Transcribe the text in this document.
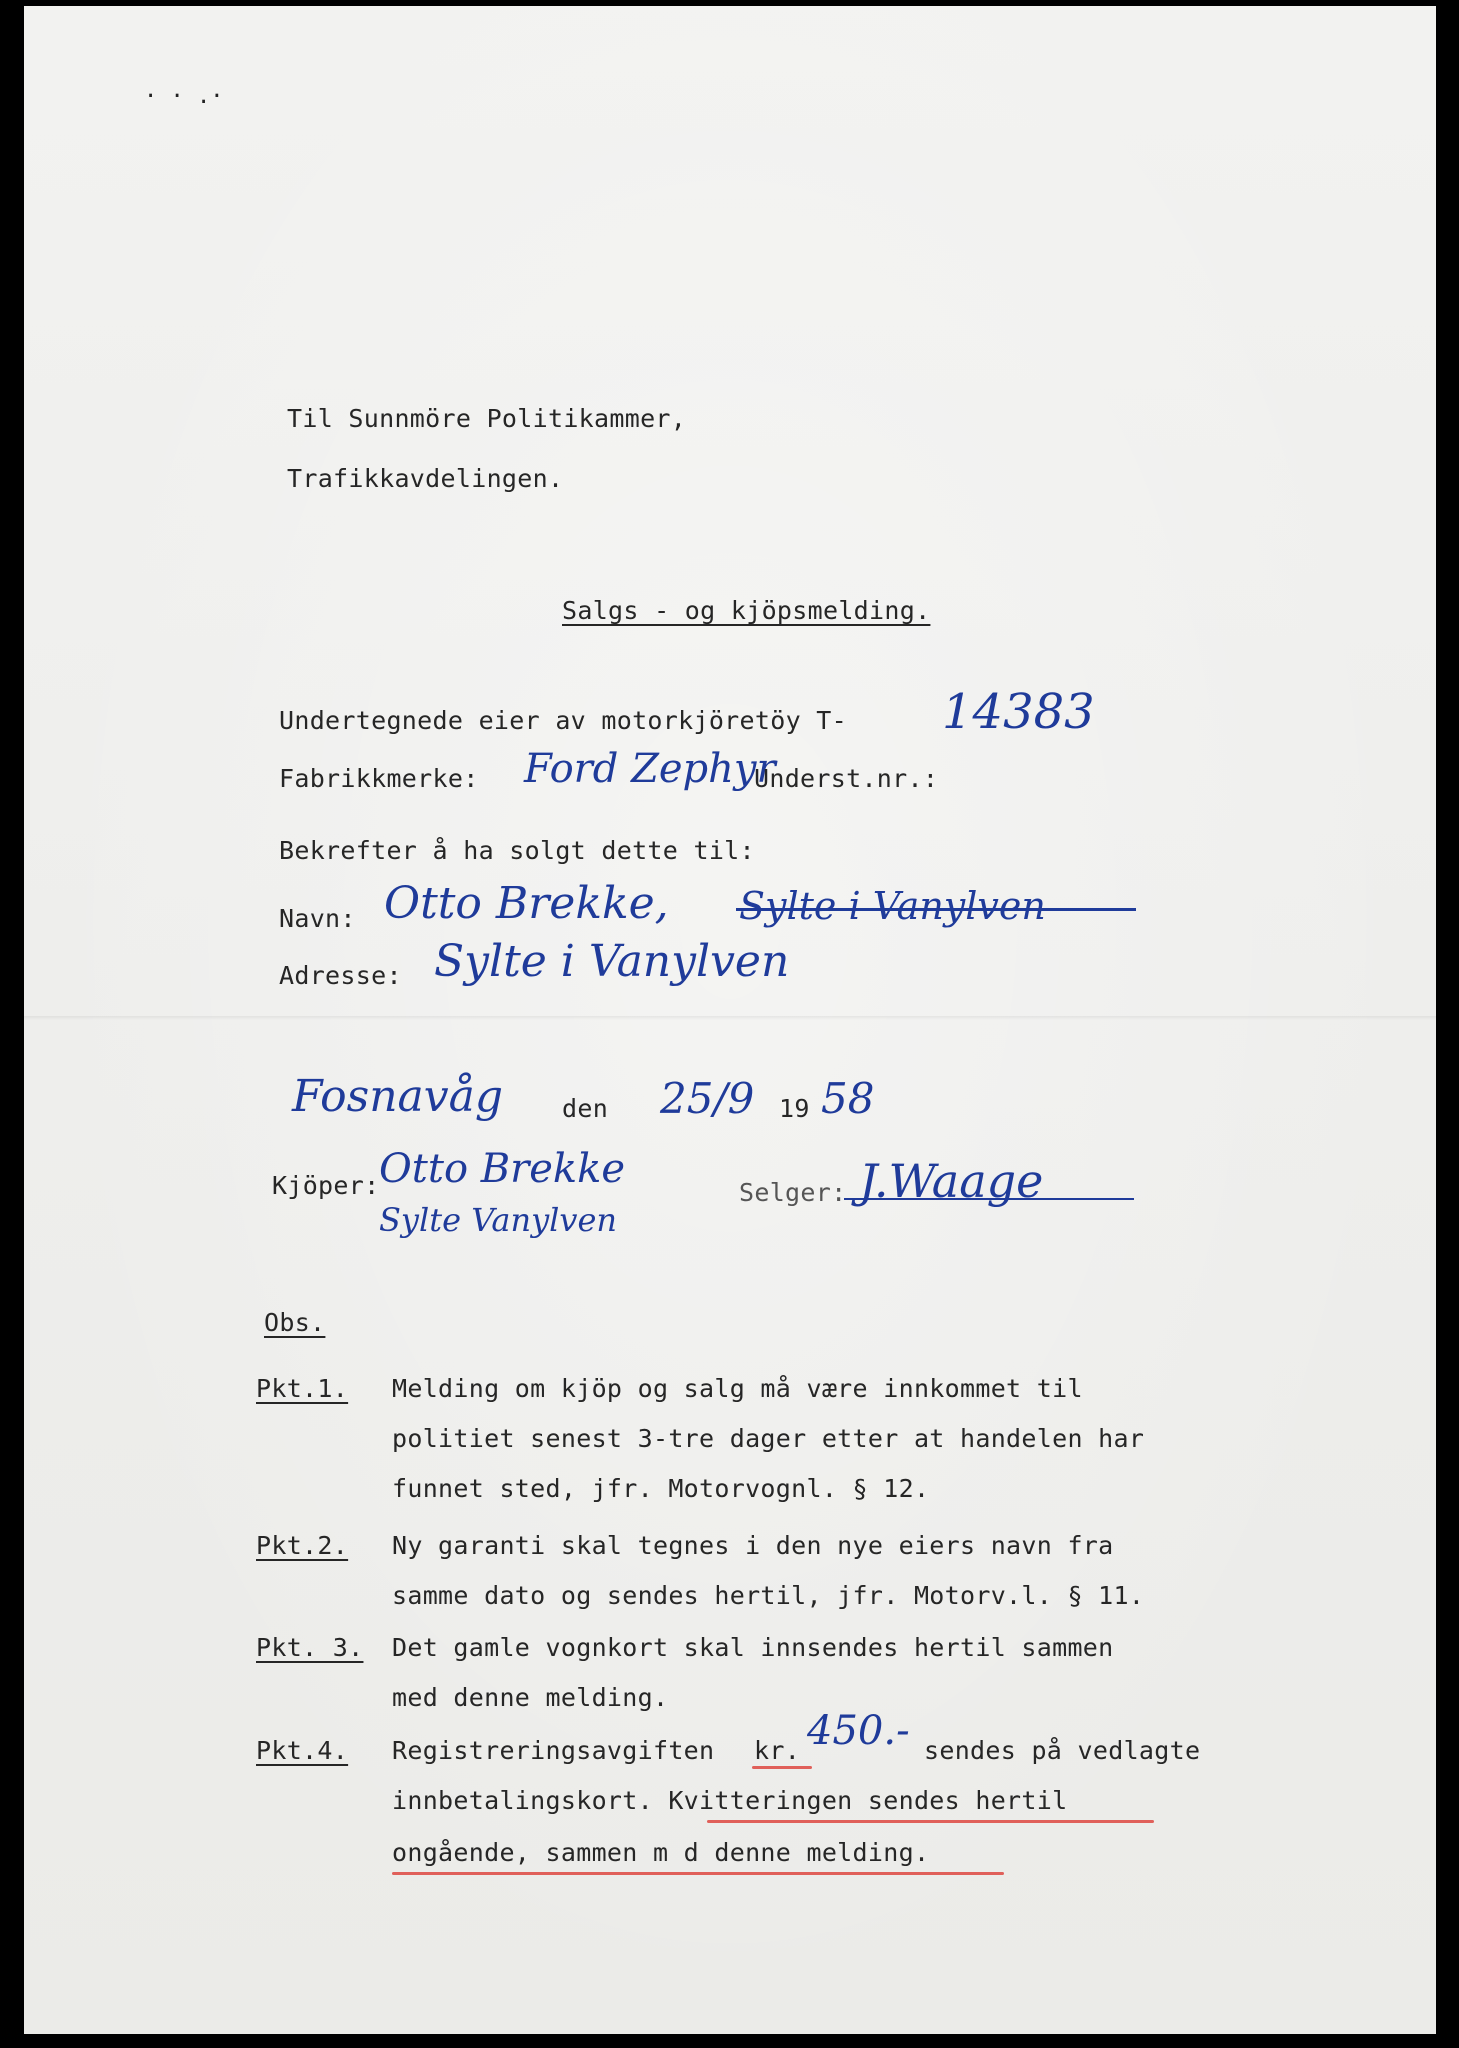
· · .·
Til Sunnmöre Politikammer,
Trafikkavdelingen.
Salgs - og kjöpsmelding.
Undertegnede eier av motorkjöretöy T- 14383
Fabrikkmerke: Ford Zephyr
Underst.nr.:
Bekrefter å ha solgt dette til:
Navn: Otto Brekke, Sylte i Vanylven
Adresse: Sylte i Vanylven
Fosnavåg den 25/9 19 58
Kjöper: Otto Brekke
Sylte Vanylven
Selger: J.Waage
Obs.
Pkt.1. Melding om kjöp og salg må være innkommet til
politiet senest 3-tre dager etter at handelen har
funnet sted, jfr. Motorvognl. § 12.
Pkt.2. Ny garanti skal tegnes i den nye eiers navn fra
samme dato og sendes hertil, jfr. Motorv.l. § 11.
Pkt. 3. Det gamle vognkort skal innsendes hertil sammen
med denne melding.
Pkt.4. Registreringsavgiften kr. 450.- sendes på vedlagte
innbetalingskort. Kvitteringen sendes hertil
ongående, sammen m d denne melding.
